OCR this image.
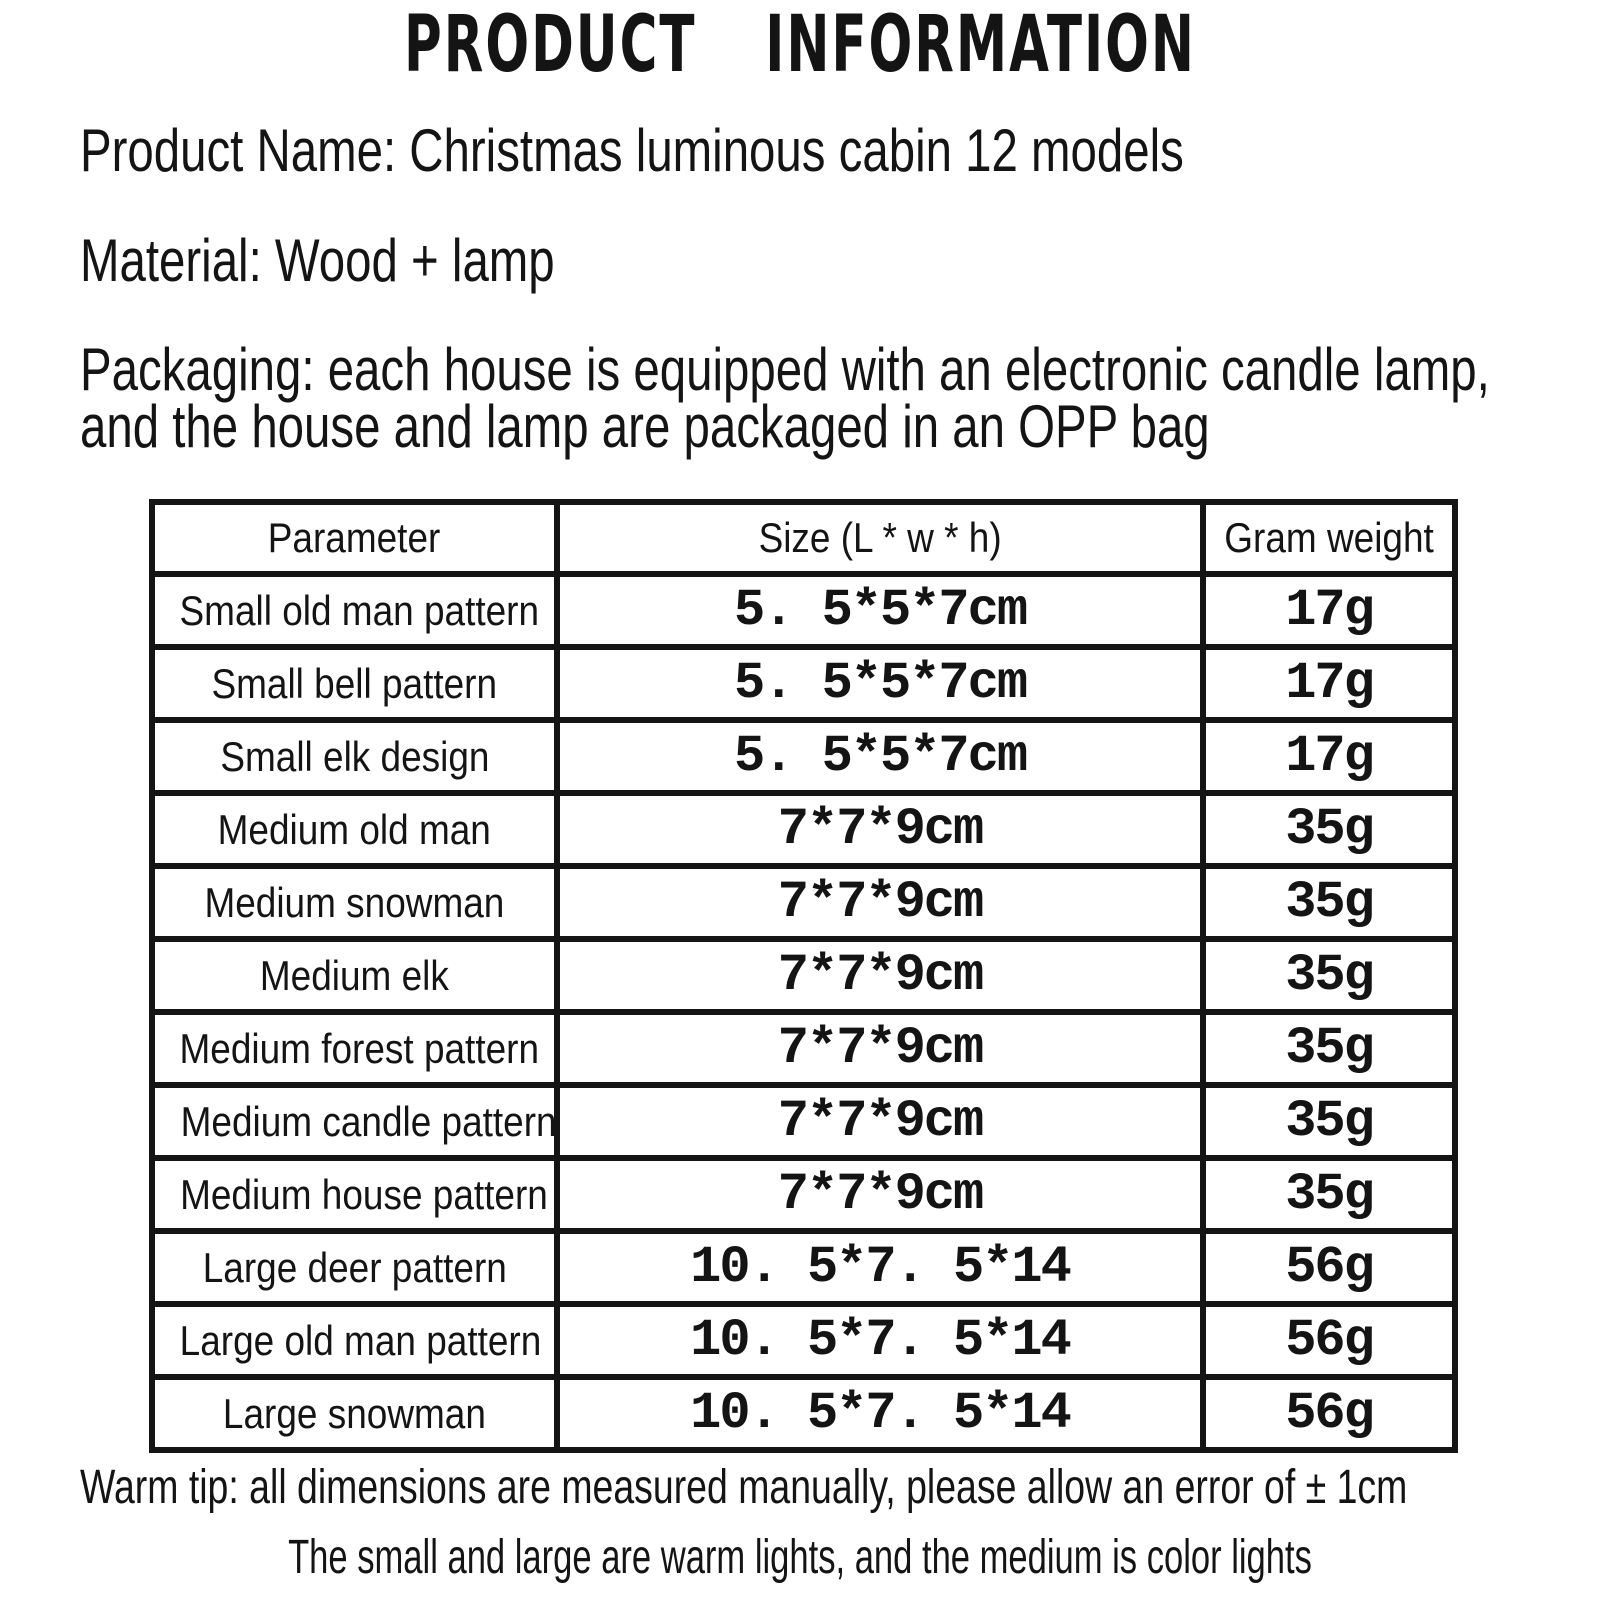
PRODUCT INFORMATION
Product Name: Christmas luminous cabin 12 models
Material: Wood + lamp
Packaging: each house is equipped with an electronic candle lamp,
and the house and lamp are packaged in an OPP bag
Parameter	Size (L * w * h)	Gram weight
Small old man pattern	5. 5*5*7cm	17g
Small bell pattern	5. 5*5*7cm	17g
Small elk design	5. 5*5*7cm	17g
Medium old man	7*7*9cm	35g
Medium snowman	7*7*9cm	35g
Medium elk	7*7*9cm	35g
Medium forest pattern	7*7*9cm	35g
Medium candle pattern	7*7*9cm	35g
Medium house pattern	7*7*9cm	35g
Large deer pattern	10. 5*7. 5*14	56g
Large old man pattern	10. 5*7. 5*14	56g
Large snowman	10. 5*7. 5*14	56g
Warm tip: all dimensions are measured manually, please allow an error of ± 1cm
The small and large are warm lights, and the medium is color lights
